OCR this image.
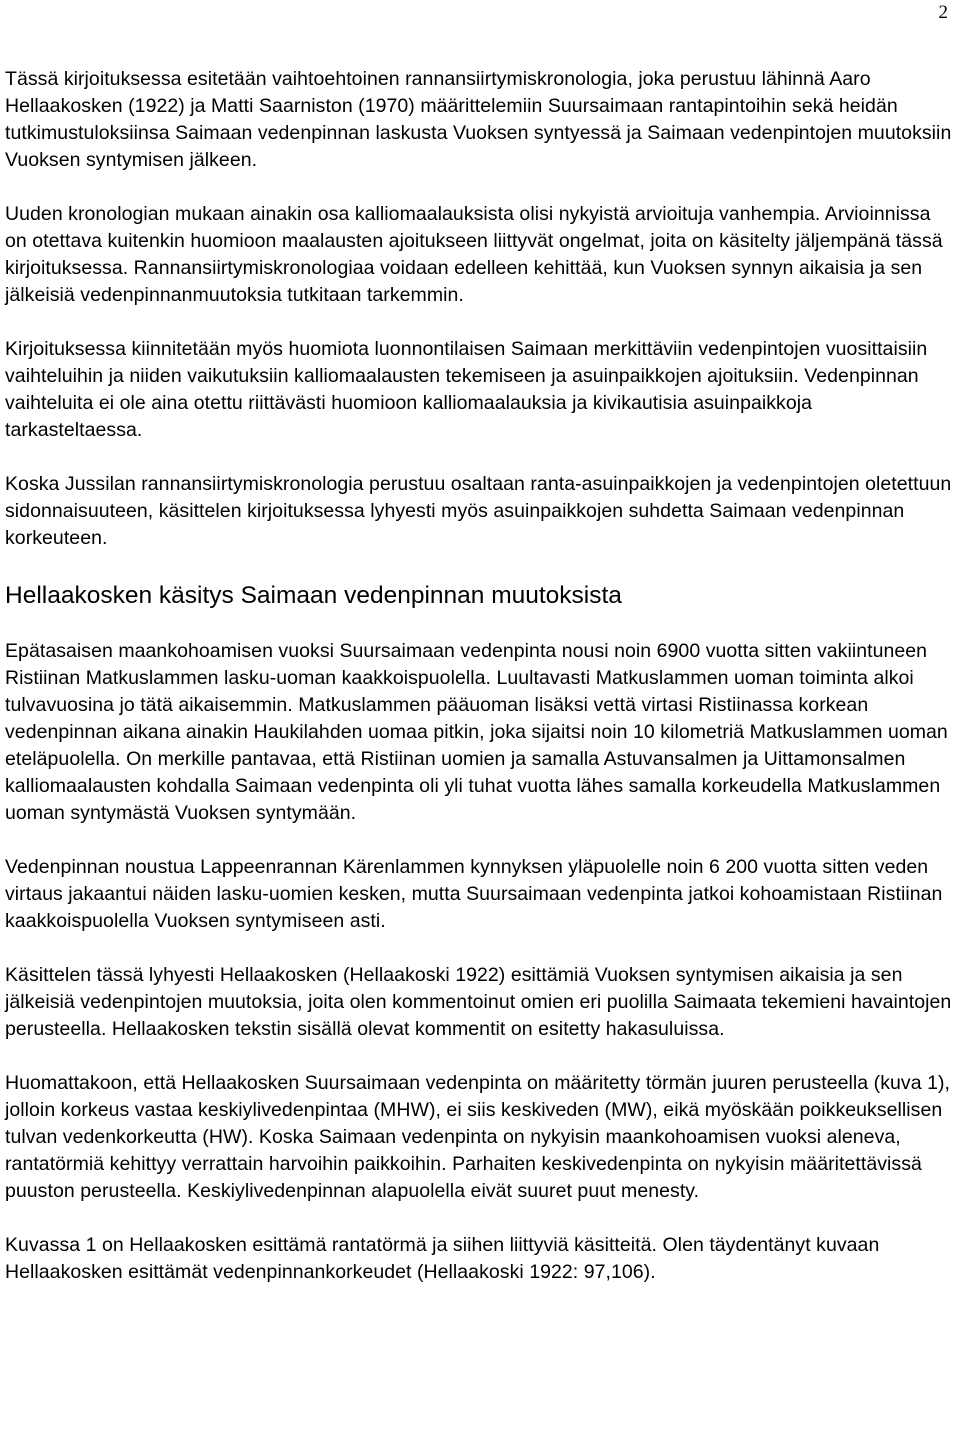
2

Tässä kirjoituksessa esitetään vaihtoehtoinen rannansiirtymiskronologia, joka perustuu lähinnä Aaro Hellaakosken (1922) ja Matti Saarniston (1970) määrittelemiin Suursaimaan rantapintoihin sekä heidän tutkimustuloksiinsa Saimaan vedenpinnan laskusta Vuoksen syntyessä ja Saimaan vedenpintojen muutoksiin Vuoksen syntymisen jälkeen.

Uuden kronologian mukaan ainakin osa kalliomaalauksista olisi nykyistä arvioituja vanhempia. Arvioinnissa on otettava kuitenkin huomioon maalausten ajoitukseen liittyvät ongelmat, joita on käsitelty jäljempänä tässä kirjoituksessa. Rannansiirtymiskronologiaa voidaan edelleen kehittää, kun Vuoksen synnyn aikaisia ja sen jälkeisiä vedenpinnanmuutoksia tutkitaan tarkemmin.

Kirjoituksessa kiinnitetään myös huomiota luonnontilaisen Saimaan merkittäviin vedenpintojen vuosittaisiin vaihteluihin ja niiden vaikutuksiin kalliomaalausten tekemiseen ja asuinpaikkojen ajoituksiin. Vedenpinnan vaihteluita ei ole aina otettu riittävästi huomioon kalliomaalauksia ja kivikautisia asuinpaikkoja tarkasteltaessa.

Koska Jussilan rannansiirtymiskronologia perustuu osaltaan ranta-asuinpaikkojen ja vedenpintojen oletettuun sidonnaisuuteen, käsittelen kirjoituksessa lyhyesti myös asuinpaikkojen suhdetta Saimaan vedenpinnan korkeuteen.

Hellaakosken käsitys Saimaan vedenpinnan muutoksista

Epätasaisen maankohoamisen vuoksi Suursaimaan vedenpinta nousi noin 6900 vuotta sitten vakiintuneen Ristiinan Matkuslammen lasku-uoman kaakkoispuolella. Luultavasti Matkuslammen uoman toiminta alkoi tulvavuosina jo tätä aikaisemmin. Matkuslammen pääuoman lisäksi vettä virtasi Ristiinassa korkean vedenpinnan aikana ainakin Haukilahden uomaa pitkin, joka sijaitsi noin 10 kilometriä Matkuslammen uoman eteläpuolella. On merkille pantavaa, että Ristiinan uomien ja samalla Astuvansalmen ja Uittamonsalmen kalliomaalausten kohdalla Saimaan vedenpinta oli yli tuhat vuotta lähes samalla korkeudella Matkuslammen uoman syntymästä Vuoksen syntymään.

Vedenpinnan noustua Lappeenrannan Kärenlammen kynnyksen yläpuolelle noin 6 200 vuotta sitten veden virtaus jakaantui näiden lasku-uomien kesken, mutta Suursaimaan vedenpinta jatkoi kohoamistaan Ristiinan kaakkoispuolella Vuoksen syntymiseen asti.

Käsittelen tässä lyhyesti Hellaakosken (Hellaakoski 1922) esittämiä Vuoksen syntymisen aikaisia ja sen jälkeisiä vedenpintojen muutoksia, joita olen kommentoinut omien eri puolilla Saimaata tekemieni havaintojen perusteella. Hellaakosken tekstin sisällä olevat kommentit on esitetty hakasuluissa.

Huomattakoon, että Hellaakosken Suursaimaan vedenpinta on määritetty törmän juuren perusteella (kuva 1), jolloin korkeus vastaa keskiylivedenpintaa (MHW), ei siis keskiveden (MW), eikä myöskään poikkeuksellisen tulvan vedenkorkeutta (HW). Koska Saimaan vedenpinta on nykyisin maankohoamisen vuoksi aleneva, rantatörmiä kehittyy verrattain harvoihin paikkoihin. Parhaiten keskivedenpinta on nykyisin määritettävissä puuston perusteella. Keskiylivedenpinnan alapuolella eivät suuret puut menesty.

Kuvassa 1 on Hellaakosken esittämä rantatörmä ja siihen liittyviä käsitteitä. Olen täydentänyt kuvaan Hellaakosken esittämät vedenpinnankorkeudet (Hellaakoski 1922: 97,106).
